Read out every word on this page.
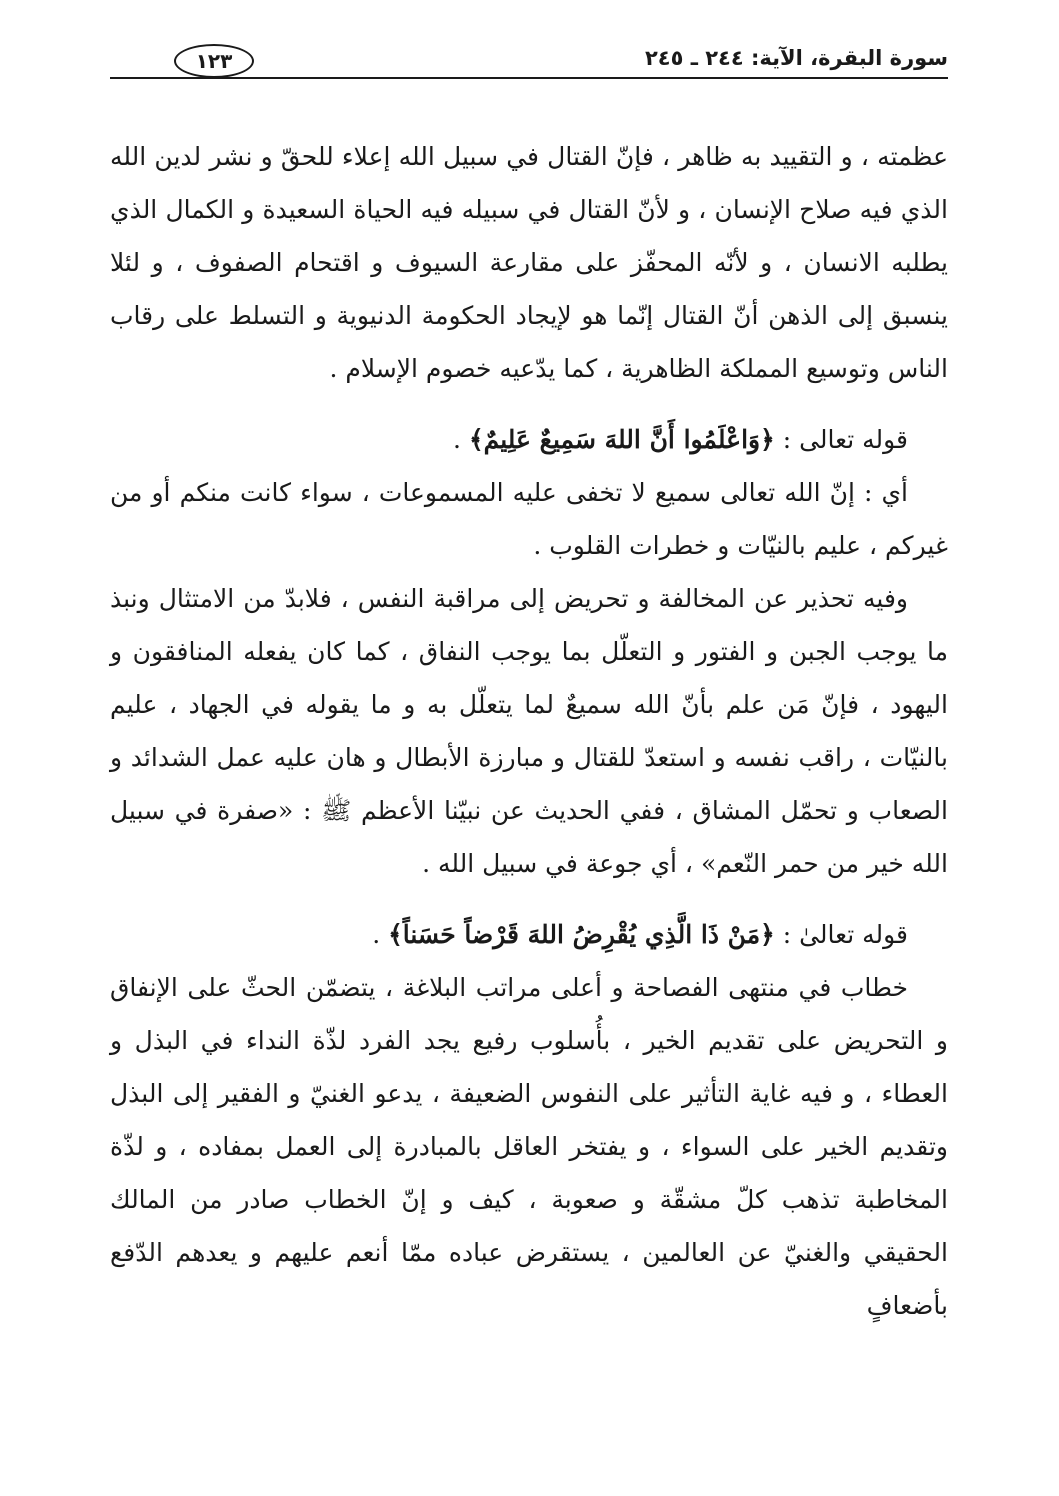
سورة البقرة، الآية: ٢٤٤ ـ ٢٤٥
١٢٣

عظمته ، و التقييد به ظاهر ، فإنّ القتال في سبيل الله إعلاء للحقّ و نشر لدين الله الذي فيه صلاح الإنسان ، و لأنّ القتال في سبيله فيه الحياة السعيدة و الكمال الذي يطلبه الانسان ، و لأنّه المحفّز على مقارعة السيوف و اقتحام الصفوف ، و لئلا ينسبق إلى الذهن أنّ القتال إنّما هو لإيجاد الحكومة الدنيوية و التسلط على رقاب الناس وتوسيع المملكة الظاهرية ، كما يدّعيه خصوم الإسلام .

قوله تعالى : ﴿وَاعْلَمُوا أَنَّ اللهَ سَمِيعٌ عَلِيمٌ﴾ .

أي : إنّ الله تعالى سميع لا تخفى عليه المسموعات ، سواء كانت منكم أو من غيركم ، عليم بالنيّات و خطرات القلوب .

وفيه تحذير عن المخالفة و تحريض إلى مراقبة النفس ، فلابدّ من الامتثال ونبذ ما يوجب الجبن و الفتور و التعلّل بما يوجب النفاق ، كما كان يفعله المنافقون و اليهود ، فإنّ مَن علم بأنّ الله سميعٌ لما يتعلّل به و ما يقوله في الجهاد ، عليم بالنيّات ، راقب نفسه و استعدّ للقتال و مبارزة الأبطال و هان عليه عمل الشدائد و الصعاب و تحمّل المشاق ، ففي الحديث عن نبيّنا الأعظم ﷺ : «صفرة في سبيل الله خير من حمر النّعم» ، أي جوعة في سبيل الله .

قوله تعالىٰ : ﴿مَنْ ذَا الَّذِي يُقْرِضُ اللهَ قَرْضاً حَسَناً﴾ .

خطاب في منتهى الفصاحة و أعلى مراتب البلاغة ، يتضمّن الحثّ على الإنفاق و التحريض على تقديم الخير ، بأُسلوب رفيع يجد الفرد لذّة النداء في البذل و العطاء ، و فيه غاية التأثير على النفوس الضعيفة ، يدعو الغنيّ و الفقير إلى البذل وتقديم الخير على السواء ، و يفتخر العاقل بالمبادرة إلى العمل بمفاده ، و لذّة المخاطبة تذهب كلّ مشقّة و صعوبة ، كيف و إنّ الخطاب صادر من المالك الحقيقي والغنيّ عن العالمين ، يستقرض عباده ممّا أنعم عليهم و يعدهم الدّفع بأضعافٍ
